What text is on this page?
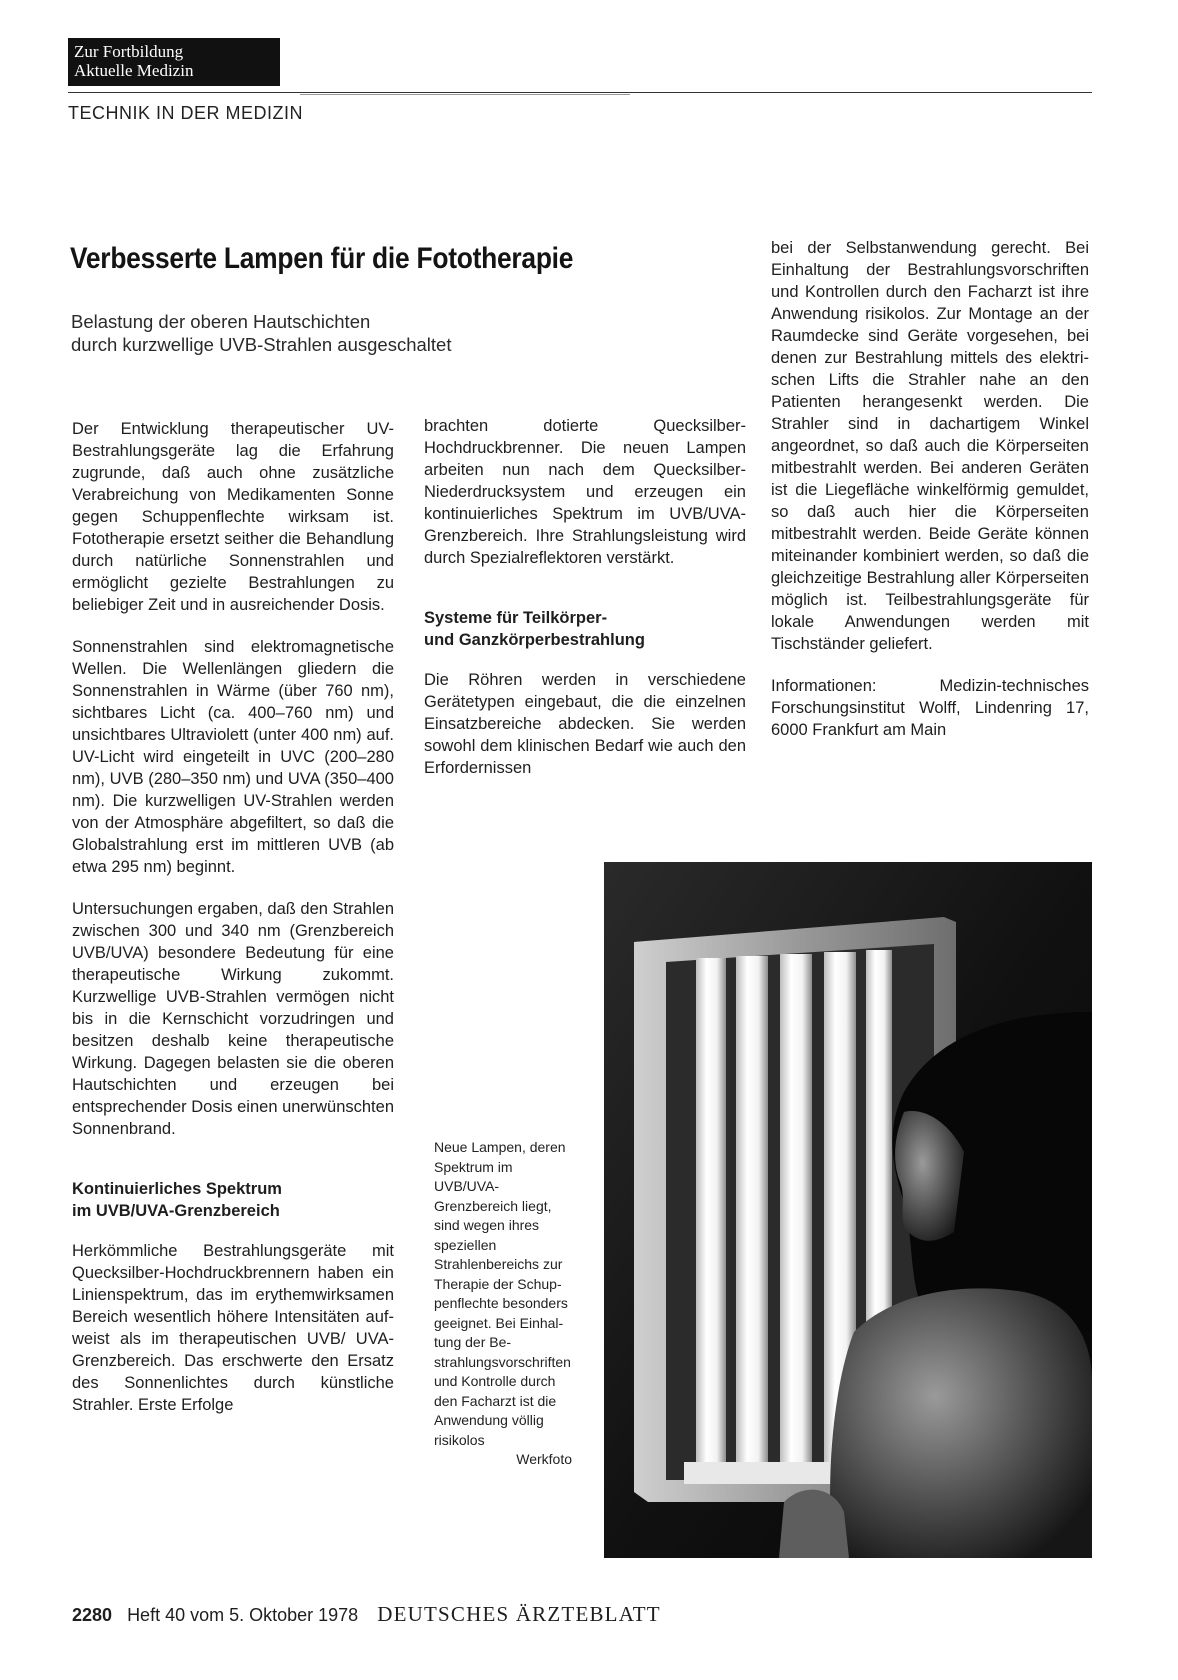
Zur Fortbildung
Aktuelle Medizin
TECHNIK IN DER MEDIZIN
Verbesserte Lampen für die Fototherapie
Belastung der oberen Hautschichten
durch kurzwellige UVB-Strahlen ausgeschaltet

Der Entwicklung therapeutischer UV-Bestrahlungsgeräte lag die Erfahrung zugrunde, daß auch ohne zusätzliche Verabreichung von Medikamenten Sonne gegen Schuppenflechte wirksam ist. Fototherapie ersetzt seither die Behandlung durch natürliche Sonnenstrahlen und ermöglicht gezielte Bestrahlungen zu beliebiger Zeit und in ausreichender Dosis.

Sonnenstrahlen sind elektromagnetische Wellen. Die Wellenlängen gliedern die Sonnenstrahlen in Wärme (über 760 nm), sichtbares Licht (ca. 400–760 nm) und unsichtbares Ultraviolett (unter 400 nm) auf. UV-Licht wird eingeteilt in UVC (200–280 nm), UVB (280–350 nm) und UVA (350–400 nm). Die kurzwelligen UV-Strahlen werden von der Atmosphäre abgefiltert, so daß die Globalstrahlung erst im mittleren UVB (ab etwa 295 nm) beginnt.

Untersuchungen ergaben, daß den Strahlen zwischen 300 und 340 nm (Grenzbereich UVB/UVA) besondere Bedeutung für eine therapeutische Wirkung zukommt. Kurzwellige UVB-Strahlen vermögen nicht bis in die Kernschicht vorzudringen und besitzen deshalb keine therapeutische Wirkung. Dagegen belasten sie die oberen Hautschichten und erzeugen bei entsprechender Dosis einen unerwünschten Sonnenbrand.

Kontinuierliches Spektrum
im UVB/UVA-Grenzbereich

Herkömmliche Bestrahlungsgeräte mit Quecksilber-Hochdruckbrennern haben ein Linienspektrum, das im erythemwirksamen Bereich wesentlich höhere Intensitäten aufweist als im therapeutischen UVB/ UVA-Grenzbereich. Das erschwerte den Ersatz des Sonnenlichtes durch künstliche Strahler. Erste Erfolge

brachten dotierte Quecksilber-Hochdruckbrenner. Die neuen Lampen arbeiten nun nach dem Quecksilber-Niederdrucksystem und erzeugen ein kontinuierliches Spektrum im UVB/UVA-Grenzbereich. Ihre Strahlungsleistung wird durch Spezialreflektoren verstärkt.

Systeme für Teilkörper-
und Ganzkörperbestrahlung

Die Röhren werden in verschiedene Gerätetypen eingebaut, die die einzelnen Einsatzbereiche abdecken. Sie werden sowohl dem klinischen Bedarf wie auch den Erfordernissen

bei der Selbstanwendung gerecht. Bei Einhaltung der Bestrahlungsvorschriften und Kontrollen durch den Facharzt ist ihre Anwendung risikolos. Zur Montage an der Raumdecke sind Geräte vorgesehen, bei denen zur Bestrahlung mittels des elektrischen Lifts die Strahler nahe an den Patienten herangesenkt werden. Die Strahler sind in dachartigem Winkel angeordnet, so daß auch die Körperseiten mitbestrahlt werden. Bei anderen Geräten ist die Liegefläche winkelförmig gemuldet, so daß auch hier die Körperseiten mitbestrahlt werden. Beide Geräte können miteinander kombiniert werden, so daß die gleichzeitige Bestrahlung aller Körperseiten möglich ist. Teilbestrahlungsgeräte für lokale Anwendungen werden mit Tischständer geliefert.

Informationen: Medizin-technisches Forschungsinstitut Wolff, Lindenring 17, 6000 Frankfurt am Main

Neue Lampen, deren Spektrum im UVB/UVA-Grenzbereich liegt, sind wegen ihres speziellen Strahlenbereichs zur Therapie der Schuppenflechte besonders geeignet. Bei Einhaltung der Bestrahlungsvorschriften und Kontrolle durch den Facharzt ist die Anwendung völlig risikolos
Werkfoto
2280 Heft 40 vom 5. Oktober 1978 DEUTSCHES ÄRZTEBLATT
